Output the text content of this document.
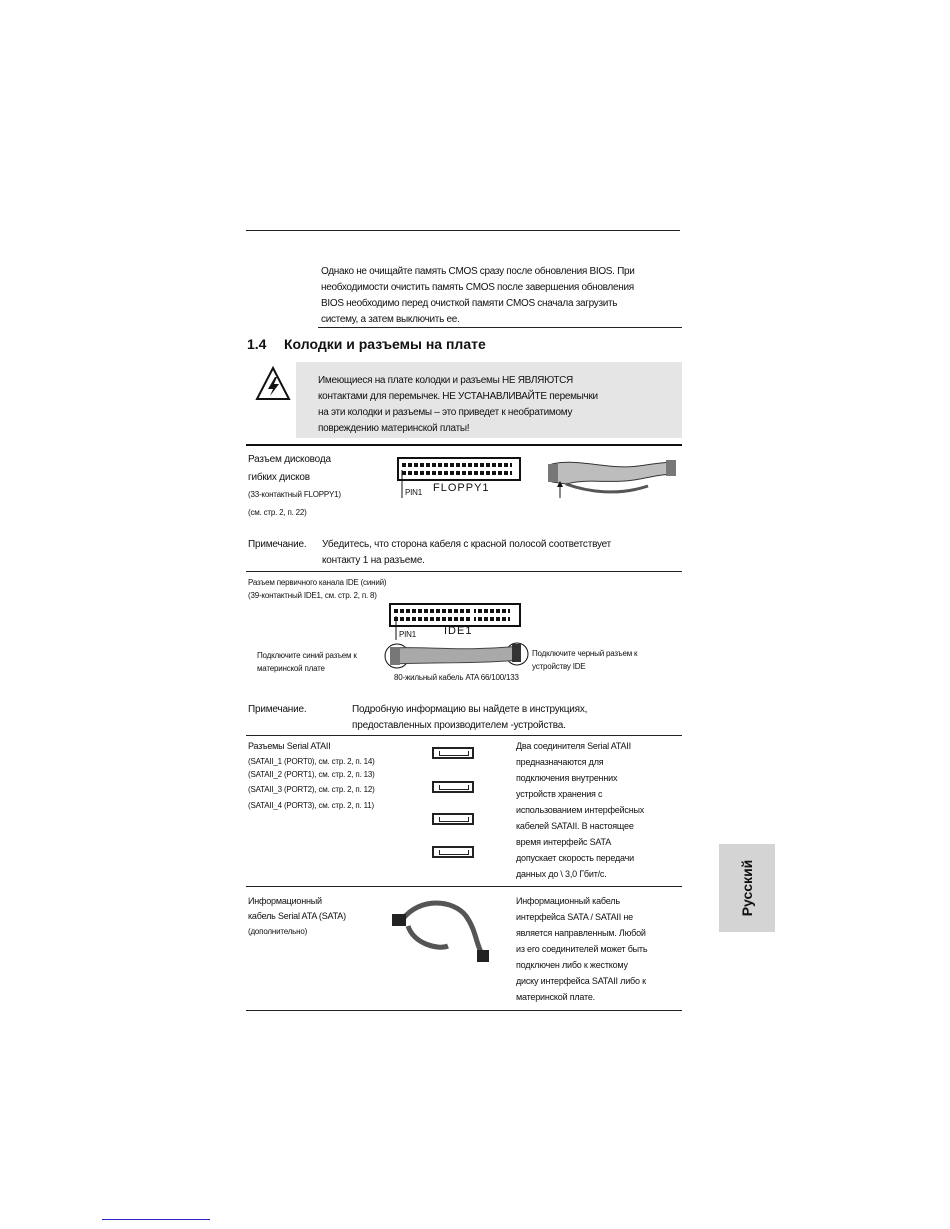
Однако не очищайте память CMOS сразу после обновления BIOS. При
необходимости очистить память CMOS после завершения обновления
BIOS необходимо перед очисткой памяти CMOS сначала загрузить
систему, а затем выключить ее.
1.4 Колодки и разъемы на плате
Имеющиеся на плате колодки и разъемы НЕ ЯВЛЯЮТСЯ
контактами для перемычек. НЕ УСТАНАВЛИВАЙТЕ перемычки
на эти колодки и разъемы – это приведет к необратимому
повреждению материнской платы!
Разъем дисковода
гибких дисков
(33-контактный FLOPPY1)
(см. стр. 2, п. 22)
PIN1 FLOPPY1
Примечание. Убедитесь, что сторона кабеля с красной полосой соответствует
контакту 1 на разъеме.
Разъем первичного канала IDE (синий)
(39-контактный IDE1, см. стр. 2, п. 8)
PIN1	IDE1
Подключите синий разъем к
материнской плате
Подключите черный разъем к
устройству IDE
80-жильный кабель ATA 66/100/133
Примечание.	Подробную информацию вы найдете в инструкциях,
предоставленных производителем -устройства.
Разъемы Serial ATAII
(SATAII_1 (PORT0), см. стр. 2, п. 14)
(SATAII_2 (PORT1), см. стр. 2, п. 13)
(SATAII_3 (PORT2), см. стр. 2, п. 12)
(SATAII_4 (PORT3), см. стр. 2, п. 11)
Два соединителя Serial ATAII
предназначаются для
подключения внутренних
устройств хранения с
использованием интерфейсных
кабелей SATAII. В настоящее
время интерфейс SATA
допускает скорость передачи
данных до \ 3,0 Гбит/с.
Информационный
кабель Serial ATA (SATA)
(дополнительно)
Информационный кабель
интерфейса SATA / SATAII не
является направленным. Любой
из его соединителей может быть
подключен либо к жесткому
диску интерфейса SATAII либо к
материнской плате.
Русский
